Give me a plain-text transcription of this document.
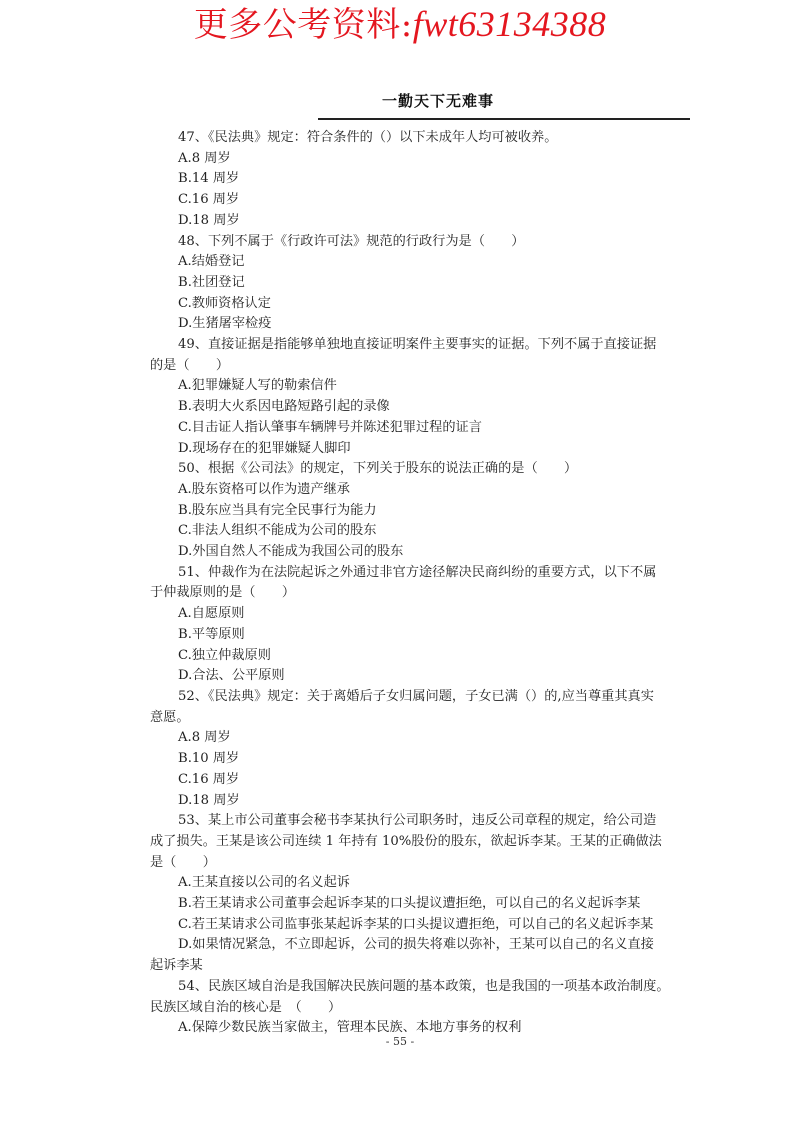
更多公考资料:fwt63134388
一勤天下无难事
47、《民法典》规定：符合条件的（）以下未成年人均可被收养。
A.8 周岁
B.14 周岁
C.16 周岁
D.18 周岁
48、下列不属于《行政许可法》规范的行政行为是（　　）
A.结婚登记
B.社团登记
C.教师资格认定
D.生猪屠宰检疫
49、直接证据是指能够单独地直接证明案件主要事实的证据。下列不属于直接证据
的是（　　）
A.犯罪嫌疑人写的勒索信件
B.表明大火系因电路短路引起的录像
C.目击证人指认肇事车辆牌号并陈述犯罪过程的证言
D.现场存在的犯罪嫌疑人脚印
50、根据《公司法》的规定，下列关于股东的说法正确的是（　　）
A.股东资格可以作为遗产继承
B.股东应当具有完全民事行为能力
C.非法人组织不能成为公司的股东
D.外国自然人不能成为我国公司的股东
51、仲裁作为在法院起诉之外通过非官方途径解决民商纠纷的重要方式，以下不属
于仲裁原则的是（　　）
A.自愿原则
B.平等原则
C.独立仲裁原则
D.合法、公平原则
52、《民法典》规定：关于离婚后子女归属问题，子女已满（）的,应当尊重其真实
意愿。
A.8 周岁
B.10 周岁
C.16 周岁
D.18 周岁
53、某上市公司董事会秘书李某执行公司职务时，违反公司章程的规定，给公司造
成了损失。王某是该公司连续 1 年持有 10%股份的股东，欲起诉李某。王某的正确做法
是（　　）
A.王某直接以公司的名义起诉
B.若王某请求公司董事会起诉李某的口头提议遭拒绝，可以自己的名义起诉李某
C.若王某请求公司监事张某起诉李某的口头提议遭拒绝，可以自己的名义起诉李某
D.如果情况紧急，不立即起诉，公司的损失将难以弥补，王某可以自己的名义直接
起诉李某
54、民族区域自治是我国解决民族问题的基本政策，也是我国的一项基本政治制度。
民族区域自治的核心是　（　　）
A.保障少数民族当家做主，管理本民族、本地方事务的权利
- 55 -
